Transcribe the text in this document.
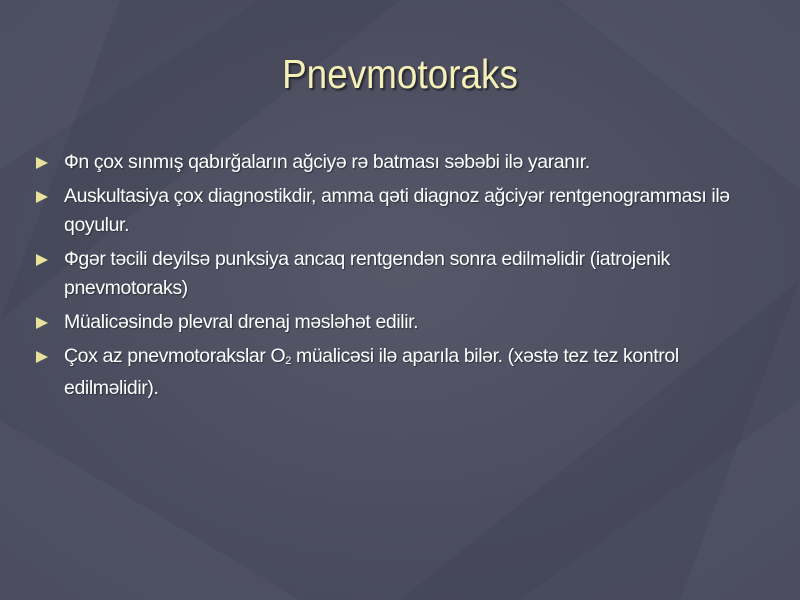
Pnevmotoraks
Фn çox sınmış qabırğaların ağciyə rə batması səbəbi ilə yaranır.
Auskultasiya çox diagnostikdir, amma qəti diagnoz ağciyər rentgenogramması ilə qoyulur.
Фgər təcili deyilsə punksiya ancaq rentgendən sonra edilməlidir (iatrojenik pnevmotoraks)
Müalicəsində plevral drenaj məsləhət edilir.
Çox az pnevmotorakslar O2 müalicəsi ilə aparıla bilər. (xəstə tez tez kontrol edilməlidir).
